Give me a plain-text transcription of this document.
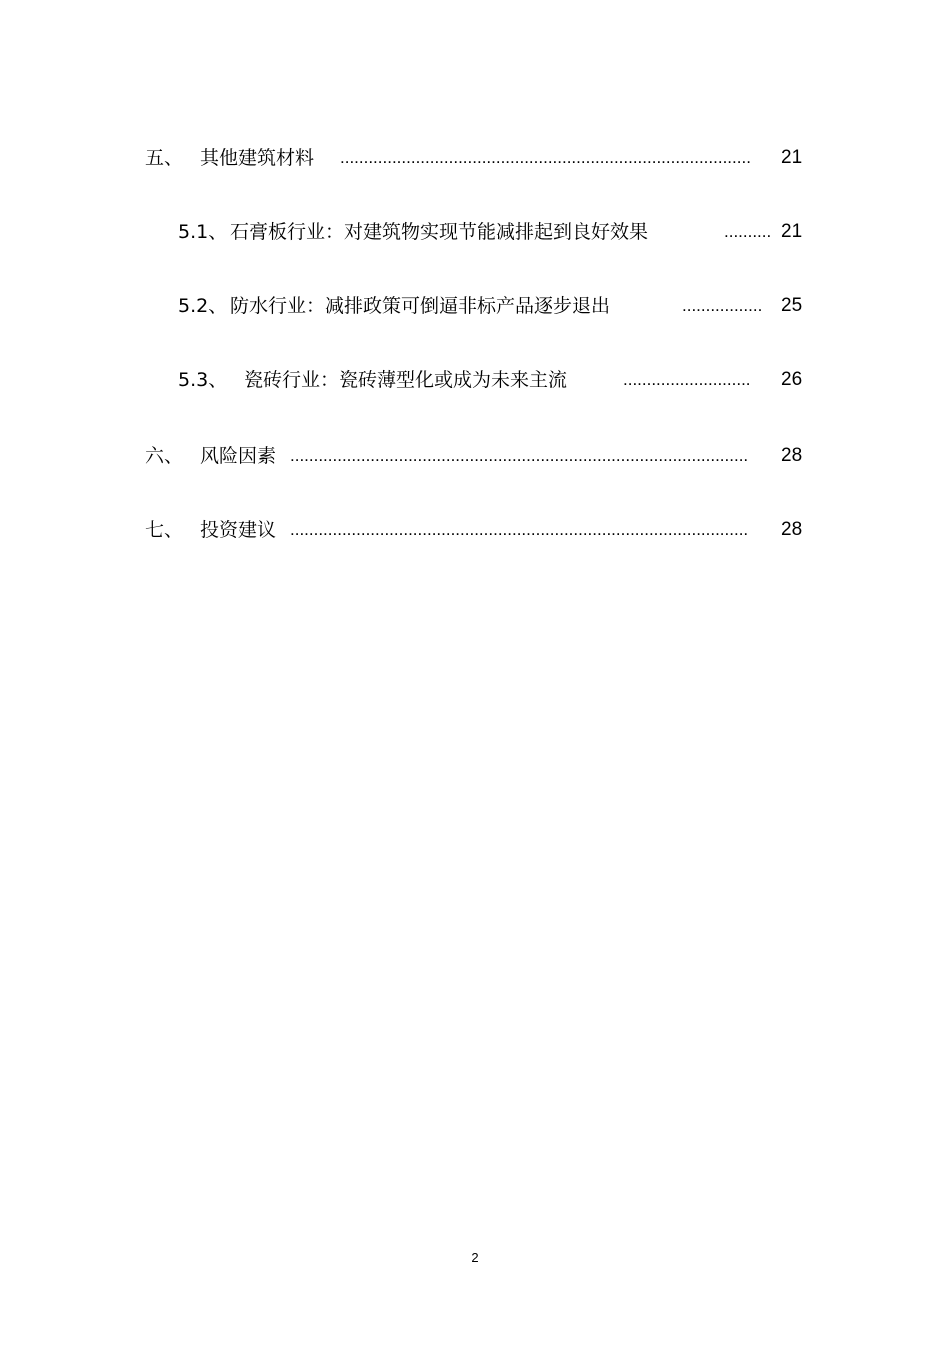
五、 其他建筑材料 .......................................................................................	21
5.1、 石膏板行业：对建筑物实现节能减排起到良好效果	.......... 21
5.2、 防水行业：减排政策可倒逼非标产品逐步退出	................. 25
5.3、 瓷砖行业：瓷砖薄型化或成为未来主流	...........................	26
六、 风险因素 .................................................................................................	28
七、 投资建议 .................................................................................................	28
2
